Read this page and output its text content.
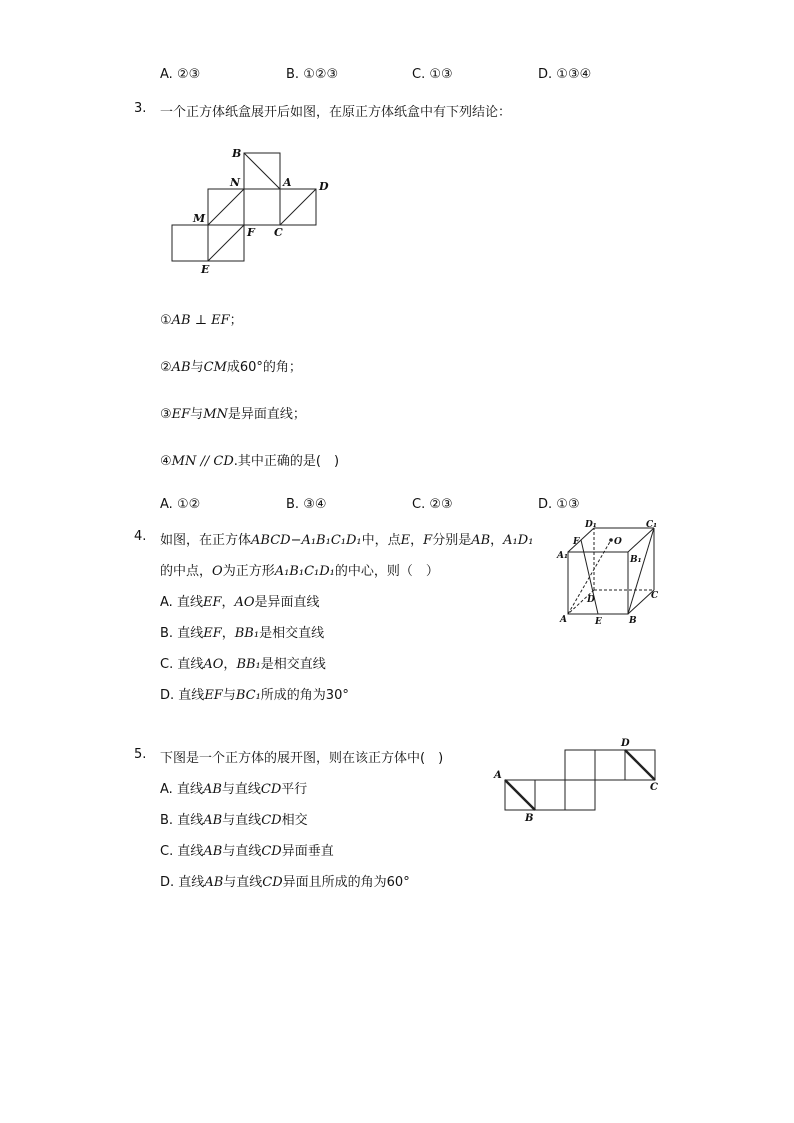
A. ②③	B. ①②③	C. ①③	D. ①③④
3. 一个正方体纸盒展开后如图，在原正方体纸盒中有下列结论：
B
N	A D
M
F C
E
①AB ⊥ EF；
②AB与CM成60°的角；
③EF与MN是异面直线；
④MN // CD.其中正确的是(　)
A. ①②	B. ③④	C. ②③	D. ①③
4. 如图，在正方体ABCD−A₁B₁C₁D₁中，点E，F分别是AB，A₁D₁
的中点，O为正方形A₁B₁C₁D₁的中心，则（　）
A. 直线EF，AO是异面直线
B. 直线EF，BB₁是相交直线
C. 直线AO，BB₁是相交直线
D. 直线EF与BC₁所成的角为30°
D₁	C₁
A₁
F	O
B₁
D	C
A	E	B
5. 下图是一个正方体的展开图，则在该正方体中(　)
A. 直线AB与直线CD平行
B. 直线AB与直线CD相交
C. 直线AB与直线CD异面垂直
D. 直线AB与直线CD异面且所成的角为60°
A
B
D
C
